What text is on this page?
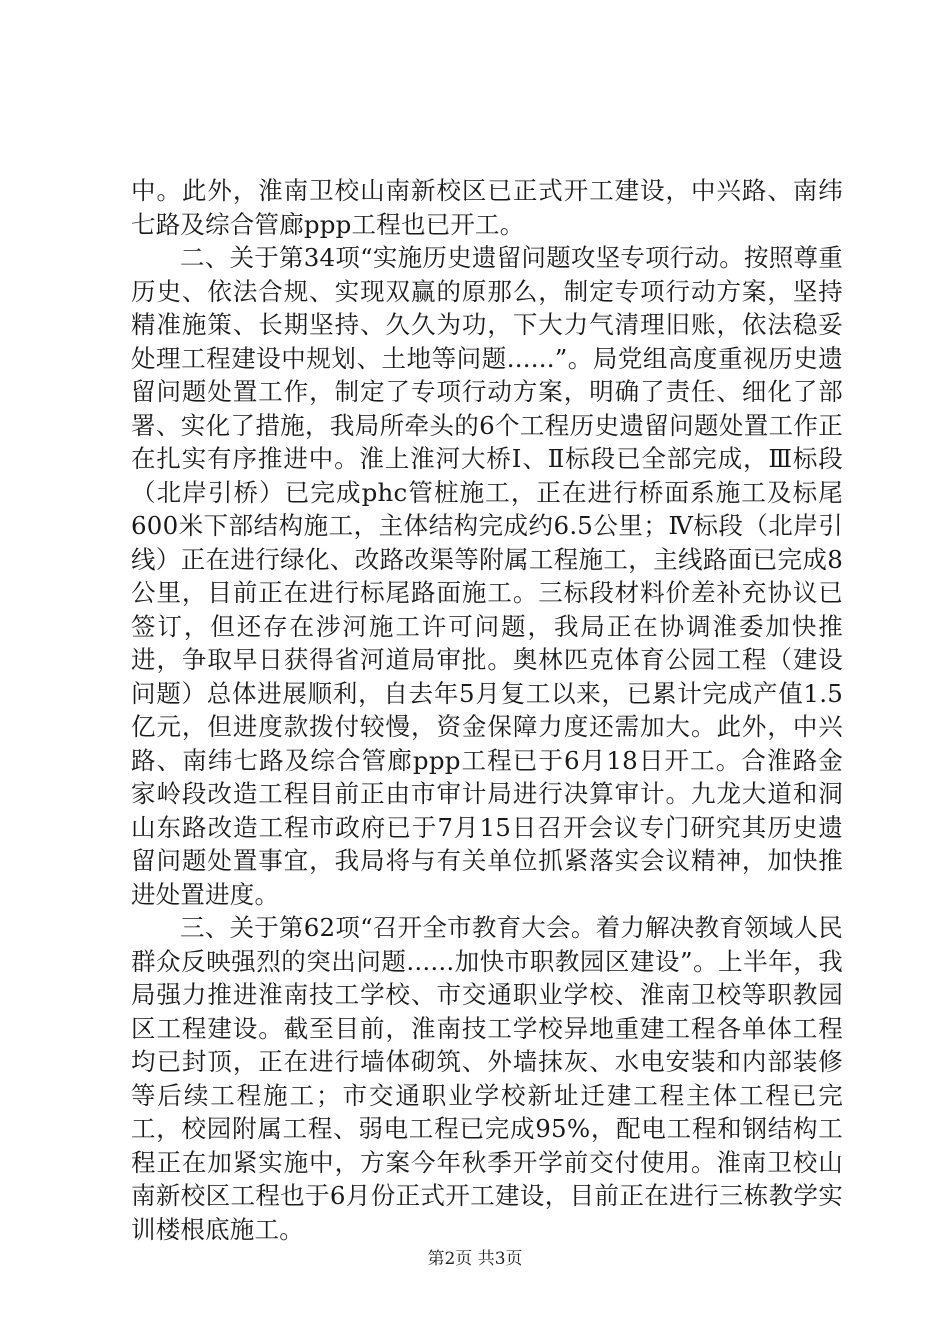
中。此外，淮南卫校山南新校区已正式开工建设，中兴路、南纬七路及综合管廊ppp工程也已开工。

二、关于第34项“实施历史遗留问题攻坚专项行动。按照尊重历史、依法合规、实现双赢的原那么，制定专项行动方案，坚持精准施策、长期坚持、久久为功，下大力气清理旧账，依法稳妥处理工程建设中规划、土地等问题......”。局党组高度重视历史遗留问题处置工作，制定了专项行动方案，明确了责任、细化了部署、实化了措施，我局所牵头的6个工程历史遗留问题处置工作正在扎实有序推进中。淮上淮河大桥Ⅰ、Ⅱ标段已全部完成，Ⅲ标段（北岸引桥）已完成phc管桩施工，正在进行桥面系施工及标尾600米下部结构施工，主体结构完成约6.5公里；Ⅳ标段（北岸引线）正在进行绿化、改路改渠等附属工程施工，主线路面已完成8公里，目前正在进行标尾路面施工。三标段材料价差补充协议已签订，但还存在涉河施工许可问题，我局正在协调淮委加快推进，争取早日获得省河道局审批。奥林匹克体育公园工程（建设问题）总体进展顺利，自去年5月复工以来，已累计完成产值1.5亿元，但进度款拨付较慢，资金保障力度还需加大。此外，中兴路、南纬七路及综合管廊ppp工程已于6月18日开工。合淮路金家岭段改造工程目前正由市审计局进行决算审计。九龙大道和洞山东路改造工程市政府已于7月15日召开会议专门研究其历史遗留问题处置事宜，我局将与有关单位抓紧落实会议精神，加快推进处置进度。

三、关于第62项“召开全市教育大会。着力解决教育领域人民群众反映强烈的突出问题......加快市职教园区建设”。上半年，我局强力推进淮南技工学校、市交通职业学校、淮南卫校等职教园区工程建设。截至目前，淮南技工学校异地重建工程各单体工程均已封顶，正在进行墙体砌筑、外墙抹灰、水电安装和内部装修等后续工程施工；市交通职业学校新址迁建工程主体工程已完工，校园附属工程、弱电工程已完成95%，配电工程和钢结构工程正在加紧实施中，方案今年秋季开学前交付使用。淮南卫校山南新校区工程也于6月份正式开工建设，目前正在进行三栋教学实训楼根底施工。

第2页 共3页
